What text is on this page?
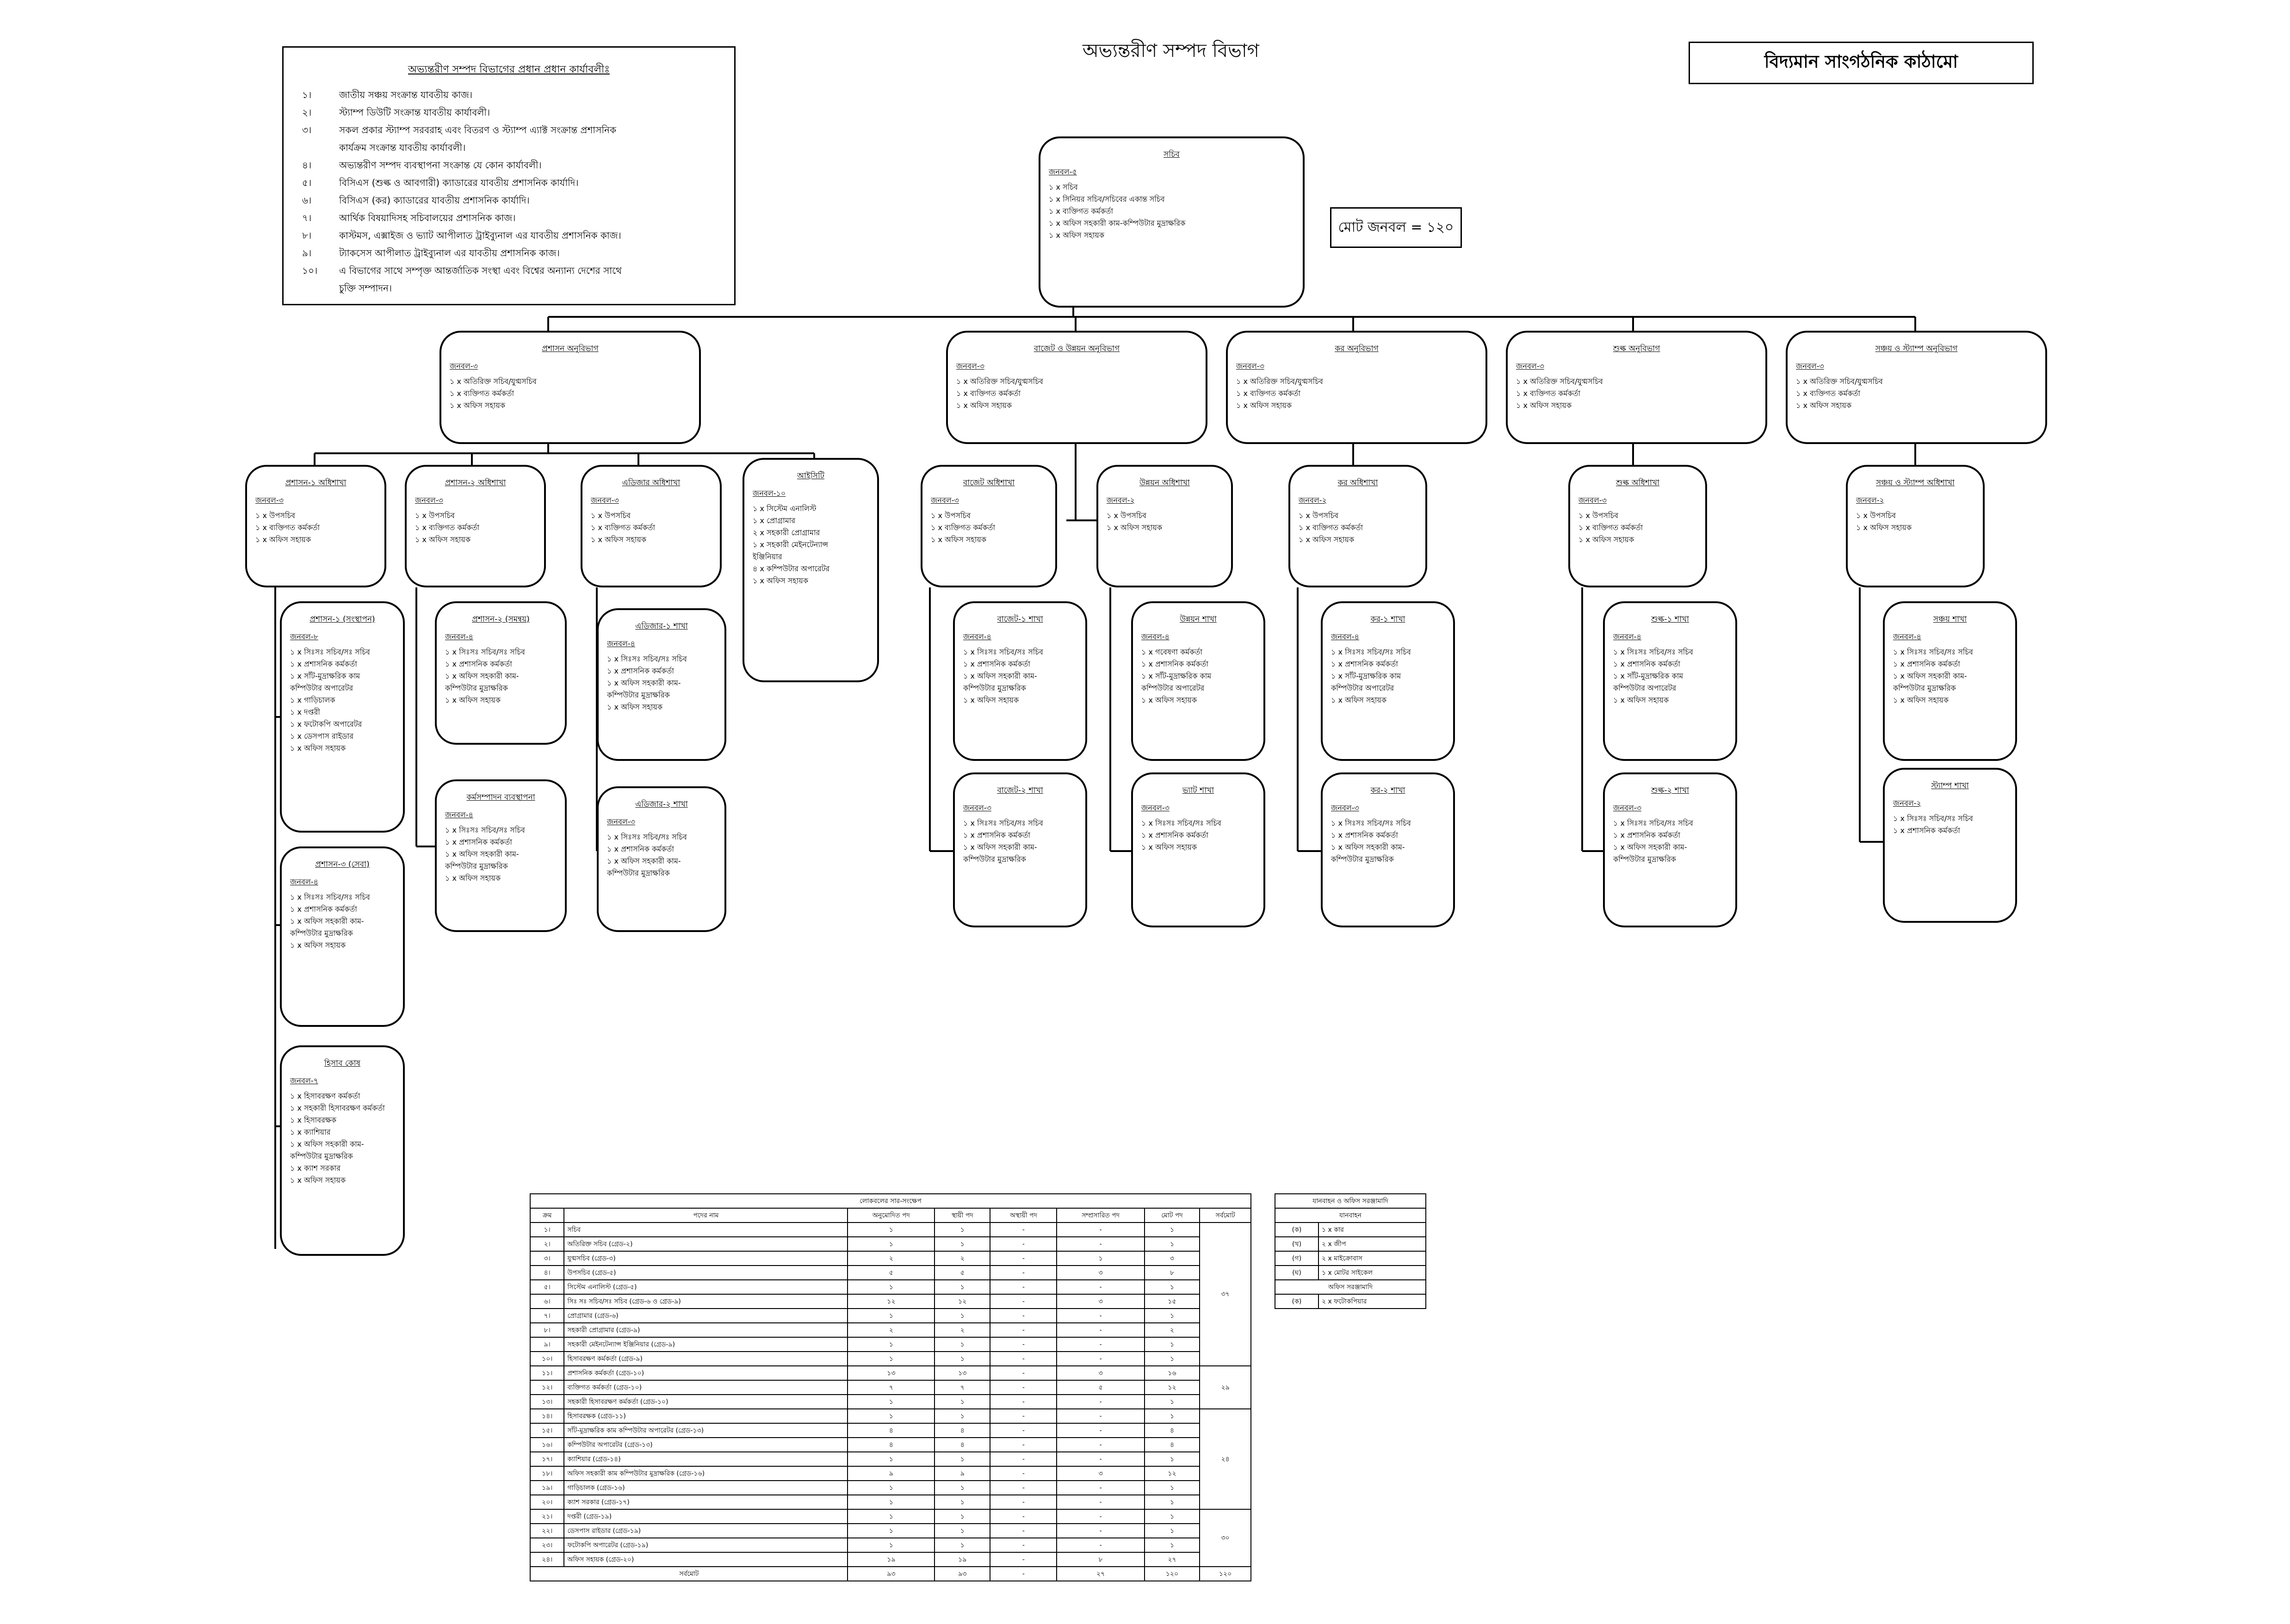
অভ্যন্তরীণ সম্পদ বিভাগ	বিদ্যমান সাংগঠনিক কাঠামো
মোট জনবল = ১২০
অভ্যন্তরীণ সম্পদ বিভাগের প্রধান প্রধান কার্যাবলীঃ
১।	জাতীয় সঞ্চয় সংক্রান্ত যাবতীয় কাজ।
২।	স্ট্যাম্প ডিউটি সংক্রান্ত যাবতীয় কার্যাবলী।
৩।	সকল প্রকার স্ট্যাম্প সরবরাহ এবং বিতরণ ও স্ট্যাম্প এ্যাক্ট সংক্রান্ত প্রশাসনিক
কার্যক্রম সংক্রান্ত যাবতীয় কার্যাবলী।
৪।	অভ্যন্তরীণ সম্পদ ব্যবস্থাপনা সংক্রান্ত যে কোন কার্যাবলী।
৫।	বিসিএস (শুল্ক ও আবগারী) ক্যাডারের যাবতীয় প্রশাসনিক কার্যাদি।
৬।	বিসিএস (কর) ক্যাডারের যাবতীয় প্রশাসনিক কার্যাদি।
৭।	আর্থিক বিষয়াদিসহ সচিবালয়ের প্রশাসনিক কাজ।
৮।	কাস্টমস, এক্সাইজ ও ভ্যাট আপীলাত ট্রাইব্যুনাল এর যাবতীয় প্রশাসনিক কাজ।
৯।	ট্যাকসেস আপীলাত ট্রাইব্যুনাল এর যাবতীয় প্রশাসনিক কাজ।
১০।	এ বিভাগের সাথে সম্পৃক্ত আন্তর্জাতিক সংস্থা এবং বিশ্বের অন্যান্য দেশের সাথে
চুক্তি সম্পাদন।
সচিব
জনবল-৫
১ x সচিব
১ x সিনিয়র সচিব/সচিবের একান্ত সচিব
১ x ব্যক্তিগত কর্মকর্তা
১ x অফিস সহকারী কাম-কম্পিউটার মুদ্রাক্ষরিক
১ x অফিস সহায়ক
প্রশাসন অনুবিভাগ
জনবল-৩
১ x অতিরিক্ত সচিব/যুগ্মসচিব
১ x ব্যক্তিগত কর্মকর্তা
১ x অফিস সহায়ক
বাজেট ও উন্নয়ন অনুবিভাগ
জনবল-৩
১ x অতিরিক্ত সচিব/যুগ্মসচিব
১ x ব্যক্তিগত কর্মকর্তা
১ x অফিস সহায়ক
কর অনুবিভাগ
জনবল-৩
১ x অতিরিক্ত সচিব/যুগ্মসচিব
১ x ব্যক্তিগত কর্মকর্তা
১ x অফিস সহায়ক
শুল্ক অনুবিভাগ
জনবল-৩
১ x অতিরিক্ত সচিব/যুগ্মসচিব
১ x ব্যক্তিগত কর্মকর্তা
১ x অফিস সহায়ক
সঞ্চয় ও স্ট্যাম্প অনুবিভাগ
জনবল-৩
১ x অতিরিক্ত সচিব/যুগ্মসচিব
১ x ব্যক্তিগত কর্মকর্তা
১ x অফিস সহায়ক
প্রশাসন-১ অধিশাখা
জনবল-৩
১ x উপসচিব
১ x ব্যক্তিগত কর্মকর্তা
১ x অফিস সহায়ক
প্রশাসন-২ অধিশাখা
জনবল-৩
১ x উপসচিব
১ x ব্যক্তিগত কর্মকর্তা
১ x অফিস সহায়ক
এডিজার অধিশাখা
জনবল-৩
১ x উপসচিব
১ x ব্যক্তিগত কর্মকর্তা
১ x অফিস সহায়ক
আইসিটি
জনবল-১০
১ x সিস্টেম এনালিস্ট
১ x প্রোগ্রামার
২ x সহকারী প্রোগ্রামার
১ x সহকারী মেইনটেন্যান্স
ইঞ্জিনিয়ার
৪ x কম্পিউটার অপারেটর
১ x অফিস সহায়ক
প্রশাসন-১ (সংস্থাপন)
জনবল-৮
১ x সিঃসঃ সচিব/সঃ সচিব
১ x প্রশাসনিক কর্মকর্তা
১ x সাঁট-মুদ্রাক্ষরিক কাম
কম্পিউটার অপারেটর
১ x গাড়িচালক
১ x দপ্তরী
১ x ফটোকপি অপারেটর
১ x ডেসপাস রাইডার
১ x অফিস সহায়ক
প্রশাসন-২ (সমন্বয়)
জনবল-৪
১ x সিঃসঃ সচিব/সঃ সচিব
১ x প্রশাসনিক কর্মকর্তা
১ x অফিস সহকারী কাম-
কম্পিউটার মুদ্রাক্ষরিক
১ x অফিস সহায়ক
এডিজার-১ শাখা
জনবল-৪
১ x সিঃসঃ সচিব/সঃ সচিব
১ x প্রশাসনিক কর্মকর্তা
১ x অফিস সহকারী কাম-
কম্পিউটার মুদ্রাক্ষরিক
১ x অফিস সহায়ক
প্রশাসন-৩ (সেবা)
জনবল-৪
১ x সিঃসঃ সচিব/সঃ সচিব
১ x প্রশাসনিক কর্মকর্তা
১ x অফিস সহকারী কাম-
কম্পিউটার মুদ্রাক্ষরিক
১ x অফিস সহায়ক
কর্মসম্পাদন ব্যবস্থাপনা
জনবল-৪
১ x সিঃসঃ সচিব/সঃ সচিব
১ x প্রশাসনিক কর্মকর্তা
১ x অফিস সহকারী কাম-
কম্পিউটার মুদ্রাক্ষরিক
১ x অফিস সহায়ক
এডিজার-২ শাখা
জনবল-৩
১ x সিঃসঃ সচিব/সঃ সচিব
১ x প্রশাসনিক কর্মকর্তা
১ x অফিস সহকারী কাম-
কম্পিউটার মুদ্রাক্ষরিক
হিসাব কোষ
জনবল-৭
১ x হিসাবরক্ষণ কর্মকর্তা
১ x সহকারী হিসাবরক্ষণ কর্মকর্তা
১ x হিসাবরক্ষক
১ x ক্যাশিয়ার
১ x অফিস সহকারী কাম-
কম্পিউটার মুদ্রাক্ষরিক
১ x ক্যাশ সরকার
১ x অফিস সহায়ক
বাজেট অধিশাখা
জনবল-৩
১ x উপসচিব
১ x ব্যক্তিগত কর্মকর্তা
১ x অফিস সহায়ক
উন্নয়ন অধিশাখা
জনবল-২
১ x উপসচিব
১ x অফিস সহায়ক
বাজেট-১ শাখা
জনবল-৪
১ x সিঃসঃ সচিব/সঃ সচিব
১ x প্রশাসনিক কর্মকর্তা
১ x অফিস সহকারী কাম-
কম্পিউটার মুদ্রাক্ষরিক
১ x অফিস সহায়ক
উন্নয়ন শাখা
জনবল-৪
১ x গবেষণা কর্মকর্তা
১ x প্রশাসনিক কর্মকর্তা
১ x সাঁট-মুদ্রাক্ষরিক কাম
কম্পিউটার অপারেটর
১ x অফিস সহায়ক
বাজেট-২ শাখা
জনবল-৩
১ x সিঃসঃ সচিব/সঃ সচিব
১ x প্রশাসনিক কর্মকর্তা
১ x অফিস সহকারী কাম-
কম্পিউটার মুদ্রাক্ষরিক
ভ্যাট শাখা
জনবল-৩
১ x সিঃসঃ সচিব/সঃ সচিব
১ x প্রশাসনিক কর্মকর্তা
১ x অফিস সহায়ক
কর অধিশাখা
জনবল-২
১ x উপসচিব
১ x ব্যক্তিগত কর্মকর্তা
১ x অফিস সহায়ক
কর-১ শাখা
জনবল-৪
১ x সিঃসঃ সচিব/সঃ সচিব
১ x প্রশাসনিক কর্মকর্তা
১ x সাঁট-মুদ্রাক্ষরিক কাম
কম্পিউটার অপারেটর
১ x অফিস সহায়ক
কর-২ শাখা
জনবল-৩
১ x সিঃসঃ সচিব/সঃ সচিব
১ x প্রশাসনিক কর্মকর্তা
১ x অফিস সহকারী কাম-
কম্পিউটার মুদ্রাক্ষরিক
শুল্ক অধিশাখা
জনবল-৩
১ x উপসচিব
১ x ব্যক্তিগত কর্মকর্তা
১ x অফিস সহায়ক
শুল্ক-১ শাখা
জনবল-৪
১ x সিঃসঃ সচিব/সঃ সচিব
১ x প্রশাসনিক কর্মকর্তা
১ x সাঁট-মুদ্রাক্ষরিক কাম
কম্পিউটার অপারেটর
১ x অফিস সহায়ক
শুল্ক-২ শাখা
জনবল-৩
১ x সিঃসঃ সচিব/সঃ সচিব
১ x প্রশাসনিক কর্মকর্তা
১ x অফিস সহকারী কাম-
কম্পিউটার মুদ্রাক্ষরিক
সঞ্চয় ও স্ট্যাম্প অধিশাখা
জনবল-২
১ x উপসচিব
১ x অফিস সহায়ক
সঞ্চয় শাখা
জনবল-৪
১ x সিঃসঃ সচিব/সঃ সচিব
১ x প্রশাসনিক কর্মকর্তা
১ x অফিস সহকারী কাম-
কম্পিউটার মুদ্রাক্ষরিক
১ x অফিস সহায়ক
স্ট্যাম্প শাখা
জনবল-২
১ x সিঃসঃ সচিব/সঃ সচিব
১ x প্রশাসনিক কর্মকর্তা
লোকবলের সার-সংক্ষেপ							
ক্রম	পদের নাম	অনুমোদিত পদ	স্থায়ী পদ	অস্থায়ী পদ	সম্প্রসারিত পদ	মোট পদ	সর্বমোট
১।	সচিব	১	১	-	-	১	৩৭
২।	অতিরিক্ত সচিব (গ্রেড-২)	১	১	-	-	১	
৩।	যুগ্মসচিব (গ্রেড-৩)	২	২	-	১	৩	
৪।	উপসচিব (গ্রেড-৫)	৫	৫	-	৩	৮	
৫।	সিস্টেম এনালিস্ট (গ্রেড-৫)	১	১	-	-	১	
৬।	সিঃ সঃ সচিব/সঃ সচিব (গ্রেড-৬ ও গ্রেড-৯)	১২	১২	-	৩	১৫	
৭।	প্রোগ্রামার (গ্রেড-৬)	১	১	-	-	১	
৮।	সহকারী প্রোগ্রামার (গ্রেড-৯)	২	২	-	-	২	
৯।	সহকারী মেইনটেন্যান্স ইঞ্জিনিয়ার (গ্রেড-৯)	১	১	-	-	১	
১০।	হিসাবরক্ষণ কর্মকর্তা (গ্রেড-৯)	১	১	-	-	১	
১১।	প্রশাসনিক কর্মকর্তা (গ্রেড-১০)	১৩	১৩	-	৩	১৬	২৯
১২।	ব্যক্তিগত কর্মকর্তা (গ্রেড-১০)	৭	৭	-	৫	১২	
১৩।	সহকারী হিসাবরক্ষণ কর্মকর্তা (গ্রেড-১০)	১	১	-	-	১	
১৪।	হিসাবরক্ষক (গ্রেড-১১)	১	১	-	-	১	২৪
১৫।	সাঁট-মুদ্রাক্ষরিক কাম কম্পিউটার অপারেটর (গ্রেড-১৩)	৪	৪	-	-	৪	
১৬।	কম্পিউটার অপারেটর (গ্রেড-১৩)	৪	৪	-	-	৪	
১৭।	ক্যাশিয়ার (গ্রেড-১৪)	১	১	-	-	১	
১৮।	অফিস সহকারী কাম কম্পিউটার মুদ্রাক্ষরিক (গ্রেড-১৬)	৯	৯	-	৩	১২	
১৯।	গাড়িচালক (গ্রেড-১৬)	১	১	-	-	১	
২০।	ক্যাশ সরকার (গ্রেড-১৭)	১	১	-	-	১	
২১।	দপ্তরী (গ্রেড-১৯)	১	১	-	-	১	৩০
২২।	ডেসপাস রাইডার (গ্রেড-১৯)	১	১	-	-	১	
২৩।	ফটোকপি অপারেটর (গ্রেড-১৯)	১	১	-	-	১	
২৪।	অফিস সহায়ক (গ্রেড-২০)	১৯	১৯	-	৮	২৭	
সর্বমোট		৯৩	৯৩	-	২৭	১২০	১২০
যানবাহন ও অফিস সরঞ্জামাদি	
যানবাহন	
(ক)	১ x কার
(খ)	২ x জীপ
(গ)	২ x মাইক্রোবাস
(ঘ)	১ x মোটর সাইকেল
অফিস সরঞ্জামাদি	
(ক)	২ x ফটোকপিয়ার
